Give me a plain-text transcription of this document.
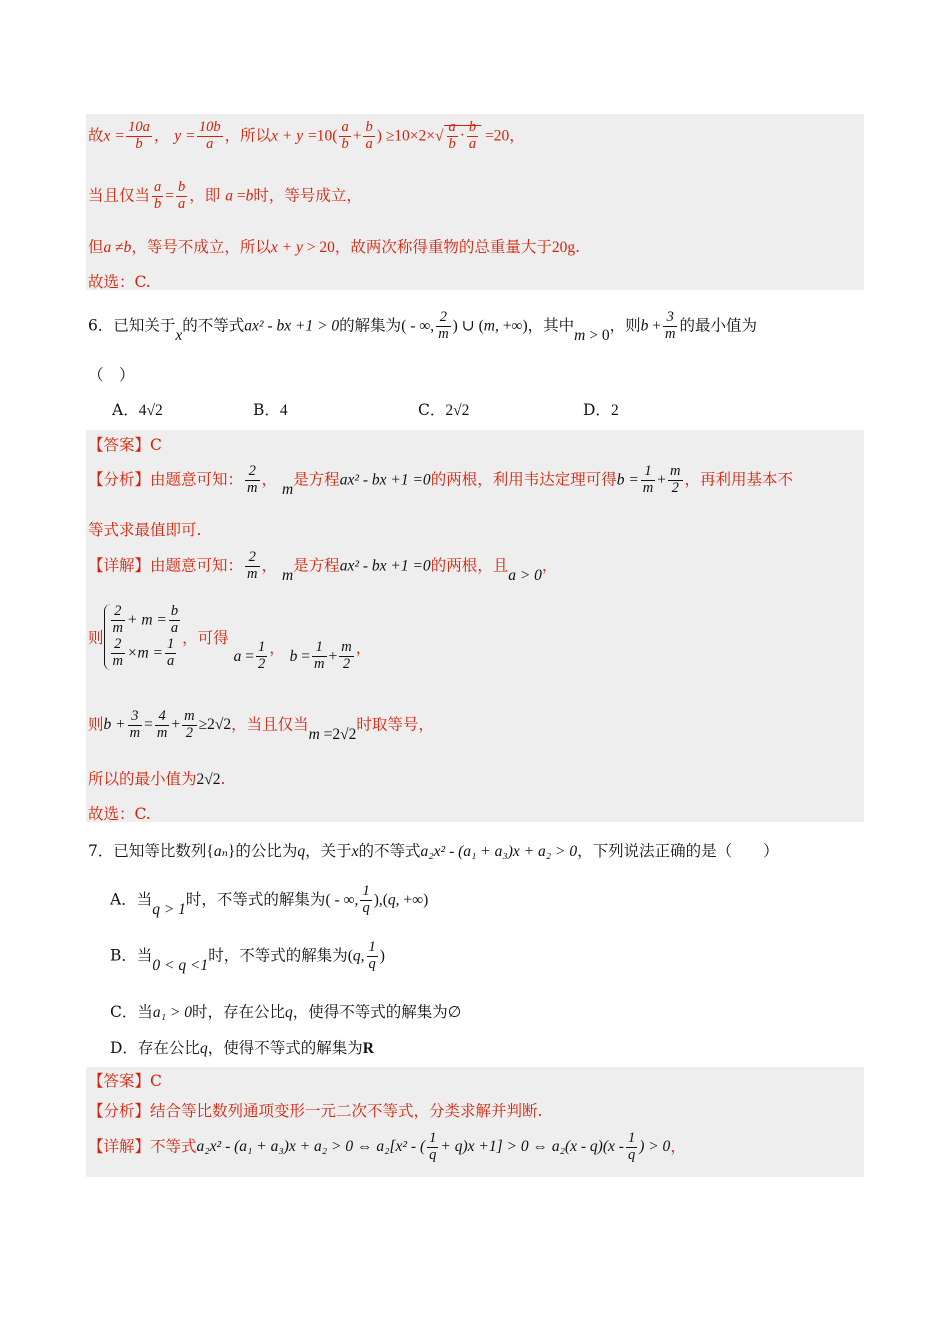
故$x = \frac{10a}{b}$ ， $y = \frac{10b}{a}$ ，所以$x + y =10( \frac{a}{b} + \frac{b}{a}$ ) $\ge 10\times 2\times√ \frac{a}{b} \cdot \frac{b}{a} =20$，
当且仅当 $\frac{a}{b} = \frac{b}{a}$ ，即 a =b时，等号成立，
但a ≠b，等号不成立，所以x + y > 20，故两次称得重物的总重量大于20g.
故选：C.
6．已知关于x的不等式ax² - bx +1 > 0的解集为( - ∞, $\frac{2}{m}$ ) ∪ (m, +∞)，其中m > 0，则$b + \frac{3}{m}$ 的最小值为
（　）
A．4√2	B．4	C．2√2	D．2
【答案】C
【分析】由题意可知： $\frac{2}{m}$ ， m是方程ax² - bx +1 =0的两根，利用韦达定理可得$b = \frac{1}{m} + \frac{m}{2}$ ，再利用基本不
等式求最值即可.
【详解】由题意可知： $\frac{2}{m}$ ， m是方程ax² - bx +1 =0的两根，且a > 0，
则
$\frac{2}{m} + m = \frac{b}{a}$
$\frac{2}{m} \times m = \frac{1}{a}$ ，可得 $a = \frac{1}{2}$ ， $b = \frac{1}{m} + \frac{m}{2}$ ，
则$b + \frac{3}{m} = \frac{4}{m} + \frac{m}{2} \ge 2√2$，当且仅当m =2√2时取等号，
所以的最小值为2√2.
故选：C.
7．已知等比数列{aₙ}的公比为q，关于x的不等式a₂x² - (a₁ + a₃)x + a₂ > 0，下列说法正确的是（　　）
A．当q > 1时，不等式的解集为( - ∞, $\frac{1}{q} ),(q$, +∞)
B．当0 < q <1时，不等式的解集为(q, $\frac{1}{q}$ )
C．当a₁ > 0时，存在公比q，使得不等式的解集为∅
D．存在公比q，使得不等式的解集为R
【答案】C
【分析】结合等比数列通项变形一元二次不等式，分类求解并判断.
【详解】不等式a₂x² - (a₁ + a₃)x + a₂ > 0 ⇔ a₂[x² - ( $\frac{1}{q} + q)x +1] > 0$ ⇔ $a_2(x - q)(x - \frac{1}{q}$ ) > 0，
